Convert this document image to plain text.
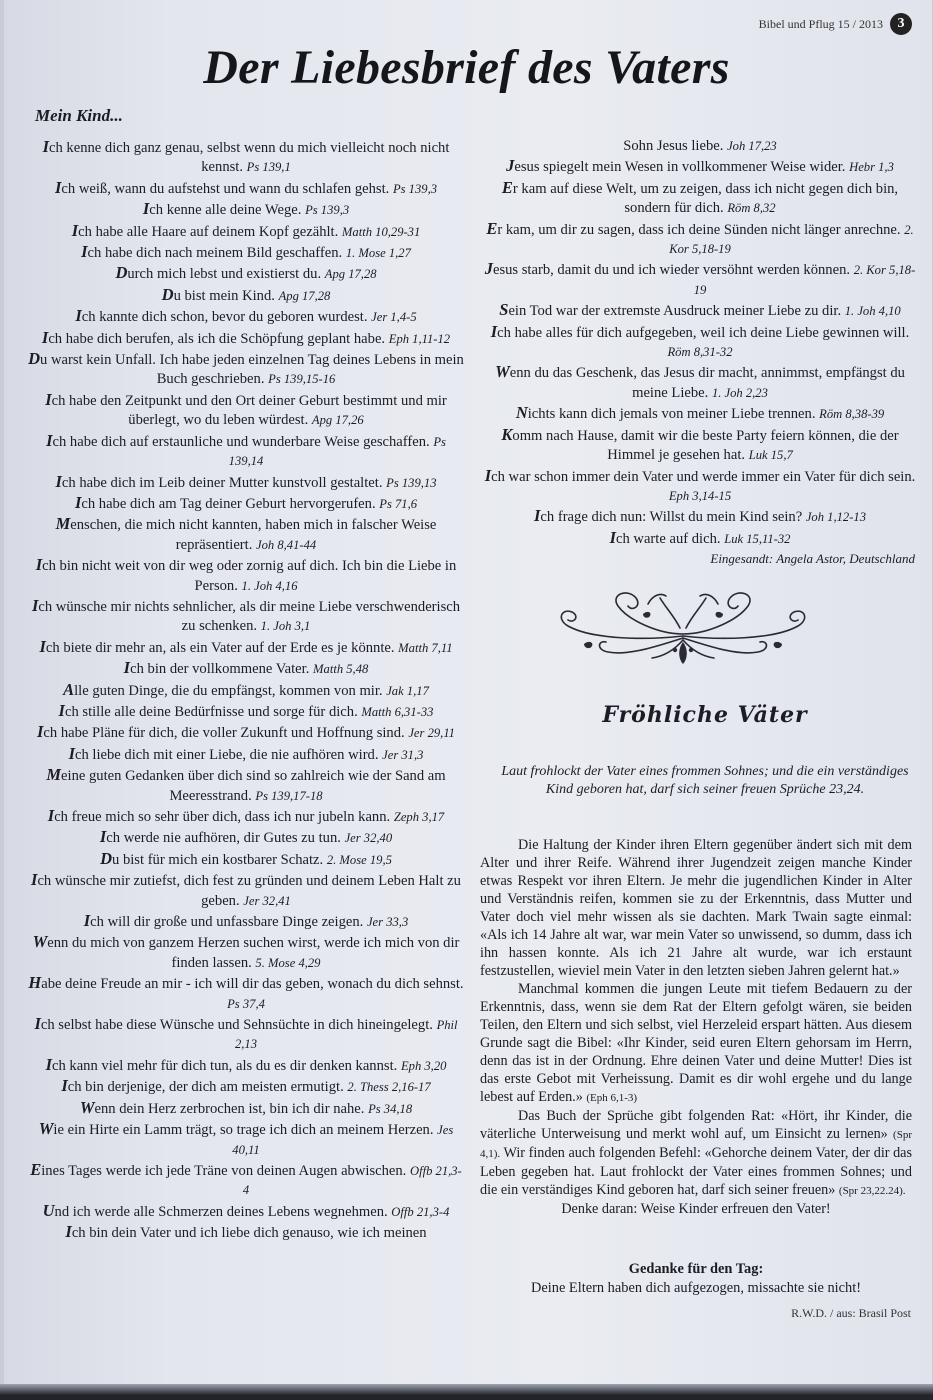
Bibel und Pflug 15 / 2013	3
Der Liebesbrief des Vaters
Mein Kind...
Ich kenne dich ganz genau, selbst wenn du mich vielleicht noch nicht kennst. Ps 139,1
Ich weiß, wann du aufstehst und wann du schlafen gehst. Ps 139,3
Ich kenne alle deine Wege. Ps 139,3
Ich habe alle Haare auf deinem Kopf gezählt. Matth 10,29-31
Ich habe dich nach meinem Bild geschaffen. 1. Mose 1,27
Durch mich lebst und existierst du. Apg 17,28
Du bist mein Kind. Apg 17,28
Ich kannte dich schon, bevor du geboren wurdest. Jer 1,4-5
Ich habe dich berufen, als ich die Schöpfung geplant habe. Eph 1,11-12
Du warst kein Unfall. Ich habe jeden einzelnen Tag deines Lebens in mein Buch geschrieben. Ps 139,15-16
Ich habe den Zeitpunkt und den Ort deiner Geburt bestimmt und mir überlegt, wo du leben würdest. Apg 17,26
Ich habe dich auf erstaunliche und wunderbare Weise geschaffen. Ps 139,14
Ich habe dich im Leib deiner Mutter kunstvoll gestaltet. Ps 139,13
Ich habe dich am Tag deiner Geburt hervorgerufen. Ps 71,6
Menschen, die mich nicht kannten, haben mich in falscher Weise repräsentiert. Joh 8,41-44
Ich bin nicht weit von dir weg oder zornig auf dich. Ich bin die Liebe in Person. 1. Joh 4,16
Ich wünsche mir nichts sehnlicher, als dir meine Liebe verschwenderisch zu schenken. 1. Joh 3,1
Ich biete dir mehr an, als ein Vater auf der Erde es je könnte. Matth 7,11
Ich bin der vollkommene Vater. Matth 5,48
Alle guten Dinge, die du empfängst, kommen von mir. Jak 1,17
Ich stille alle deine Bedürfnisse und sorge für dich. Matth 6,31-33
Ich habe Pläne für dich, die voller Zukunft und Hoffnung sind. Jer 29,11
Ich liebe dich mit einer Liebe, die nie aufhören wird. Jer 31,3
Meine guten Gedanken über dich sind so zahlreich wie der Sand am Meeresstrand. Ps 139,17-18
Ich freue mich so sehr über dich, dass ich nur jubeln kann. Zeph 3,17
Ich werde nie aufhören, dir Gutes zu tun. Jer 32,40
Du bist für mich ein kostbarer Schatz. 2. Mose 19,5
Ich wünsche mir zutiefst, dich fest zu gründen und deinem Leben Halt zu geben. Jer 32,41
Ich will dir große und unfassbare Dinge zeigen. Jer 33,3
Wenn du mich von ganzem Herzen suchen wirst, werde ich mich von dir finden lassen. 5. Mose 4,29
Habe deine Freude an mir - ich will dir das geben, wonach du dich sehnst. Ps 37,4
Ich selbst habe diese Wünsche und Sehnsüchte in dich hineingelegt. Phil 2,13
Ich kann viel mehr für dich tun, als du es dir denken kannst. Eph 3,20
Ich bin derjenige, der dich am meisten ermutigt. 2. Thess 2,16-17
Wenn dein Herz zerbrochen ist, bin ich dir nahe. Ps 34,18
Wie ein Hirte ein Lamm trägt, so trage ich dich an meinem Herzen. Jes 40,11
Eines Tages werde ich jede Träne von deinen Augen abwischen. Offb 21,3-4
Und ich werde alle Schmerzen deines Lebens wegnehmen. Offb 21,3-4
Ich bin dein Vater und ich liebe dich genauso, wie ich meinen
Sohn Jesus liebe. Joh 17,23
Jesus spiegelt mein Wesen in vollkommener Weise wider. Hebr 1,3
Er kam auf diese Welt, um zu zeigen, dass ich nicht gegen dich bin, sondern für dich. Röm 8,32
Er kam, um dir zu sagen, dass ich deine Sünden nicht länger anrechne. 2. Kor 5,18-19
Jesus starb, damit du und ich wieder versöhnt werden können. 2. Kor 5,18-19
Sein Tod war der extremste Ausdruck meiner Liebe zu dir. 1. Joh 4,10
Ich habe alles für dich aufgegeben, weil ich deine Liebe gewinnen will. Röm 8,31-32
Wenn du das Geschenk, das Jesus dir macht, annimmst, empfängst du meine Liebe. 1. Joh 2,23
Nichts kann dich jemals von meiner Liebe trennen. Röm 8,38-39
Komm nach Hause, damit wir die beste Party feiern können, die der Himmel je gesehen hat. Luk 15,7
Ich war schon immer dein Vater und werde immer ein Vater für dich sein. Eph 3,14-15
Ich frage dich nun: Willst du mein Kind sein? Joh 1,12-13
Ich warte auf dich. Luk 15,11-32
Eingesandt: Angela Astor, Deutschland
Fröhliche Väter
Laut frohlockt der Vater eines frommen Sohnes; und die ein verständiges Kind geboren hat, darf sich seiner freuen Sprüche 23,24.

Die Haltung der Kinder ihren Eltern gegenüber ändert sich mit dem Alter und ihrer Reife. Während ihrer Jugendzeit zeigen manche Kinder etwas Respekt vor ihren Eltern. Je mehr die jugendlichen Kinder in Alter und Verständnis reifen, kommen sie zu der Erkenntnis, dass Mutter und Vater doch viel mehr wissen als sie dachten. Mark Twain sagte einmal: «Als ich 14 Jahre alt war, war mein Vater so unwissend, so dumm, dass ich ihn hassen konnte. Als ich 21 Jahre alt wurde, war ich erstaunt festzustellen, wieviel mein Vater in den letzten sieben Jahren gelernt hat.»

Manchmal kommen die jungen Leute mit tiefem Bedauern zu der Erkenntnis, dass, wenn sie dem Rat der Eltern gefolgt wären, sie beiden Teilen, den Eltern und sich selbst, viel Herzeleid erspart hätten. Aus diesem Grunde sagt die Bibel: «Ihr Kinder, seid euren Eltern gehorsam im Herrn, denn das ist in der Ordnung. Ehre deinen Vater und deine Mutter! Dies ist das erste Gebot mit Verheissung. Damit es dir wohl ergehe und du lange lebest auf Erden.» (Eph 6,1-3)

Das Buch der Sprüche gibt folgenden Rat: «Hört, ihr Kinder, die väterliche Unterweisung und merkt wohl auf, um Einsicht zu lernen» (Spr 4,1). Wir finden auch folgenden Befehl: «Gehorche deinem Vater, der dir das Leben gegeben hat. Laut frohlockt der Vater eines frommen Sohnes; und die ein verständiges Kind geboren hat, darf sich seiner freuen» (Spr 23,22.24).

Denke daran: Weise Kinder erfreuen den Vater!

Gedanke für den Tag:
Deine Eltern haben dich aufgezogen, missachte sie nicht!
R.W.D. / aus: Brasil Post
